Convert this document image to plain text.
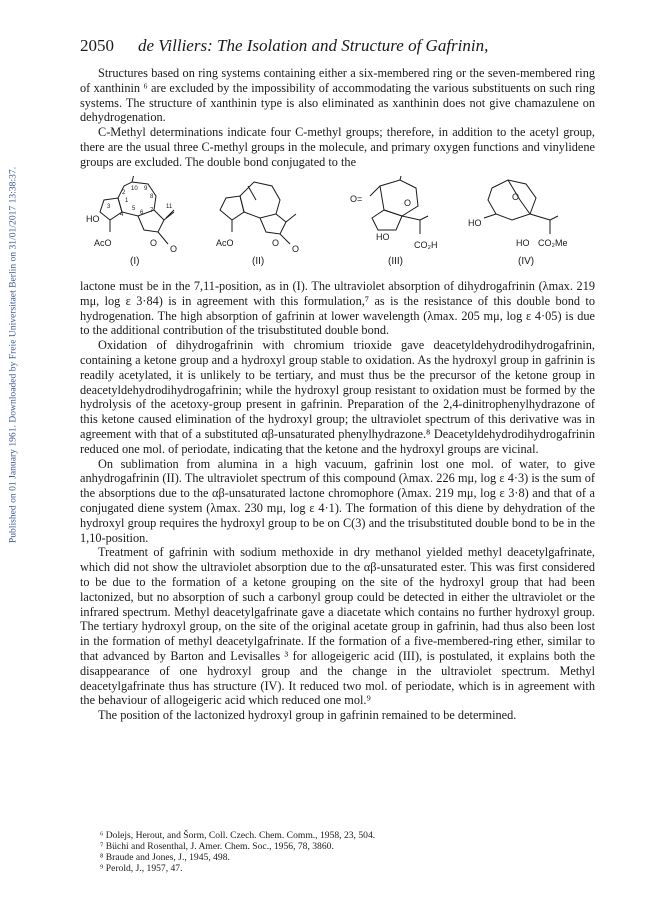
Published on 01 January 1961. Downloaded by Freie Universitaet Berlin on 31/01/2017 13:38:37.
2050	de Villiers: The Isolation and Structure of Gafrinin,

Structures based on ring systems containing either a six-membered ring or the seven-membered ring of xanthinin ⁶ are excluded by the impossibility of accommodating the various substituents on such ring systems. The structure of xanthinin type is also eliminated as xanthinin does not give chamazulene on dehydrogenation.

C-Methyl determinations indicate four C-methyl groups; therefore, in addition to the acetyl group, there are the usual three C-methyl groups in the molecule, and primary oxygen functions and vinylidene groups are excluded. The double bond conjugated to the

HO
AcO	O
O
2
10 9
1
8
3
4
5
6 7
11
(I)
AcO	O
O
(II)
O=	O
HO
CO₂H
(III)
HO
O
HO CO₂Me
(IV)

lactone must be in the 7,11-position, as in (I). The ultraviolet absorption of dihydrogafrinin (λmax. 219 mμ, log ε 3·84) is in agreement with this formulation,⁷ as is the resistance of this double bond to hydrogenation. The high absorption of gafrinin at lower wavelength (λmax. 205 mμ, log ε 4·05) is due to the additional contribution of the trisubstituted double bond.

Oxidation of dihydrogafrinin with chromium trioxide gave deacetyldehydrodihydrogafrinin, containing a ketone group and a hydroxyl group stable to oxidation. As the hydroxyl group in gafrinin is readily acetylated, it is unlikely to be tertiary, and must thus be the precursor of the ketone group in deacetyldehydrodihydrogafrinin; while the hydroxyl group resistant to oxidation must be formed by the hydrolysis of the acetoxy-group present in gafrinin. Preparation of the 2,4-dinitrophenylhydrazone of this ketone caused elimination of the hydroxyl group; the ultraviolet spectrum of this derivative was in agreement with that of a substituted αβ-unsaturated phenylhydrazone.⁸ Deacetyldehydrodihydrogafrinin reduced one mol. of periodate, indicating that the ketone and the hydroxyl groups are vicinal.

On sublimation from alumina in a high vacuum, gafrinin lost one mol. of water, to give anhydrogafrinin (II). The ultraviolet spectrum of this compound (λmax. 226 mμ, log ε 4·3) is the sum of the absorptions due to the αβ-unsaturated lactone chromophore (λmax. 219 mμ, log ε 3·8) and that of a conjugated diene system (λmax. 230 mμ, log ε 4·1). The formation of this diene by dehydration of the hydroxyl group requires the hydroxyl group to be on C(3) and the trisubstituted double bond to be in the 1,10-position.

Treatment of gafrinin with sodium methoxide in dry methanol yielded methyl deacetylgafrinate, which did not show the ultraviolet absorption due to the αβ-unsaturated ester. This was first considered to be due to the formation of a ketone grouping on the site of the hydroxyl group that had been lactonized, but no absorption of such a carbonyl group could be detected in either the ultraviolet or the infrared spectrum. Methyl deacetylgafrinate gave a diacetate which contains no further hydroxyl group. The tertiary hydroxyl group, on the site of the original acetate group in gafrinin, had thus also been lost in the formation of methyl deacetylgafrinate. If the formation of a five-membered-ring ether, similar to that advanced by Barton and Levisalles ³ for allogeigeric acid (III), is postulated, it explains both the disappearance of one hydroxyl group and the change in the ultraviolet spectrum. Methyl deacetylgafrinate thus has structure (IV). It reduced two mol. of periodate, which is in agreement with the behaviour of allogeigeric acid which reduced one mol.⁹

The position of the lactonized hydroxyl group in gafrinin remained to be determined.

⁶ Dolejs, Herout, and Šorm, Coll. Czech. Chem. Comm., 1958, 23, 504.
⁷ Büchi and Rosenthal, J. Amer. Chem. Soc., 1956, 78, 3860.
⁸ Braude and Jones, J., 1945, 498.
⁹ Perold, J., 1957, 47.
